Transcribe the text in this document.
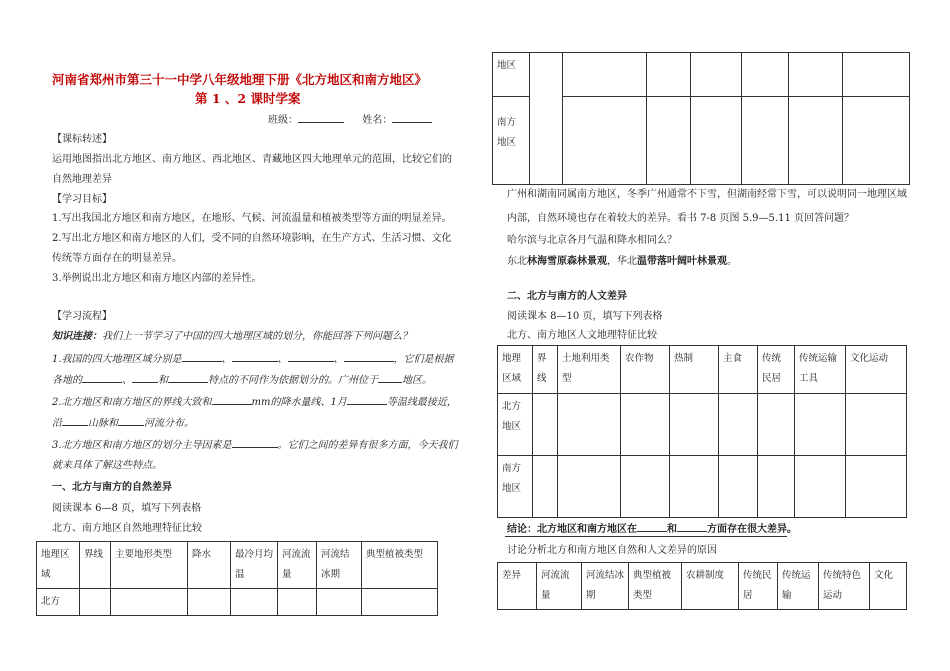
河南省郑州市第三十一中学八年级地理下册《北方地区和南方地区》
第 1 、2 课时学案
班级：	姓名：
【课标转述】
运用地图指出北方地区、南方地区、西北地区、青藏地区四大地理单元的范围，比较它们的
自然地理差异
【学习目标】
1.写出我国北方地区和南方地区，在地形、气候、河流温量和植被类型等方面的明显差异。
2.写出北方地区和南方地区的人们，受不同的自然环境影响，在生产方式、生活习惯、文化
传统等方面存在的明显差异。
3.举例说出北方地区和南方地区内部的差异性。
【学习流程】
知识连接：我们上一节学习了中国的四大地理区域的划分，你能回答下列问题么？
1.我国的四大地理区域分别是	、	、	、	，它们是根据
各地的	、	和	特点的不同作为依据划分的。广州位于 地区。
2.北方地区和南方地区的界线大致和	mm的降水量线、1月	等温线最接近，
沿	山脉和	河流分布。
3.北方地区和南方地区的划分主导因素是	。它们之间的差异有很多方面，今天我们
就来具体了解这些特点。
一、北方与南方的自然差异
阅读课本 6—8 页，填写下列表格
北方、南方地区自然地理特征比较
地理区域	界线	主要地形类型	降水	最冷月均温	河流流量	河流结冰期	典型植被类型
北方							
地区							
南方地区							
广州和湖南同属南方地区，冬季广州通常不下雪，但湖南经常下雪，可以说明同一地理区域
内部，自然环境也存在着较大的差异。看书 7-8 页图 5.9—5.11 页回答问题？
哈尔滨与北京各月气温和降水相同么？
东北林海雪原森林景观，华北温带落叶阔叶林景观。
二、北方与南方的人文差异
阅读课本 8—10 页，填写下列表格
北方、南方地区人文地理特征比较
地理区域	界线	土地利用类型	农作物	热制	主食	传统民居	传统运输工具	文化运动
北方地区								
南方地区								
结论：北方地区和南方地区在	和	方面存在很大差异。
讨论分析北方和南方地区自然和人文差异的原因
差异	河流流量	河流结冰期	典型植被类型	农耕制度	传统民居	传统运输	传统特色运动	文化
